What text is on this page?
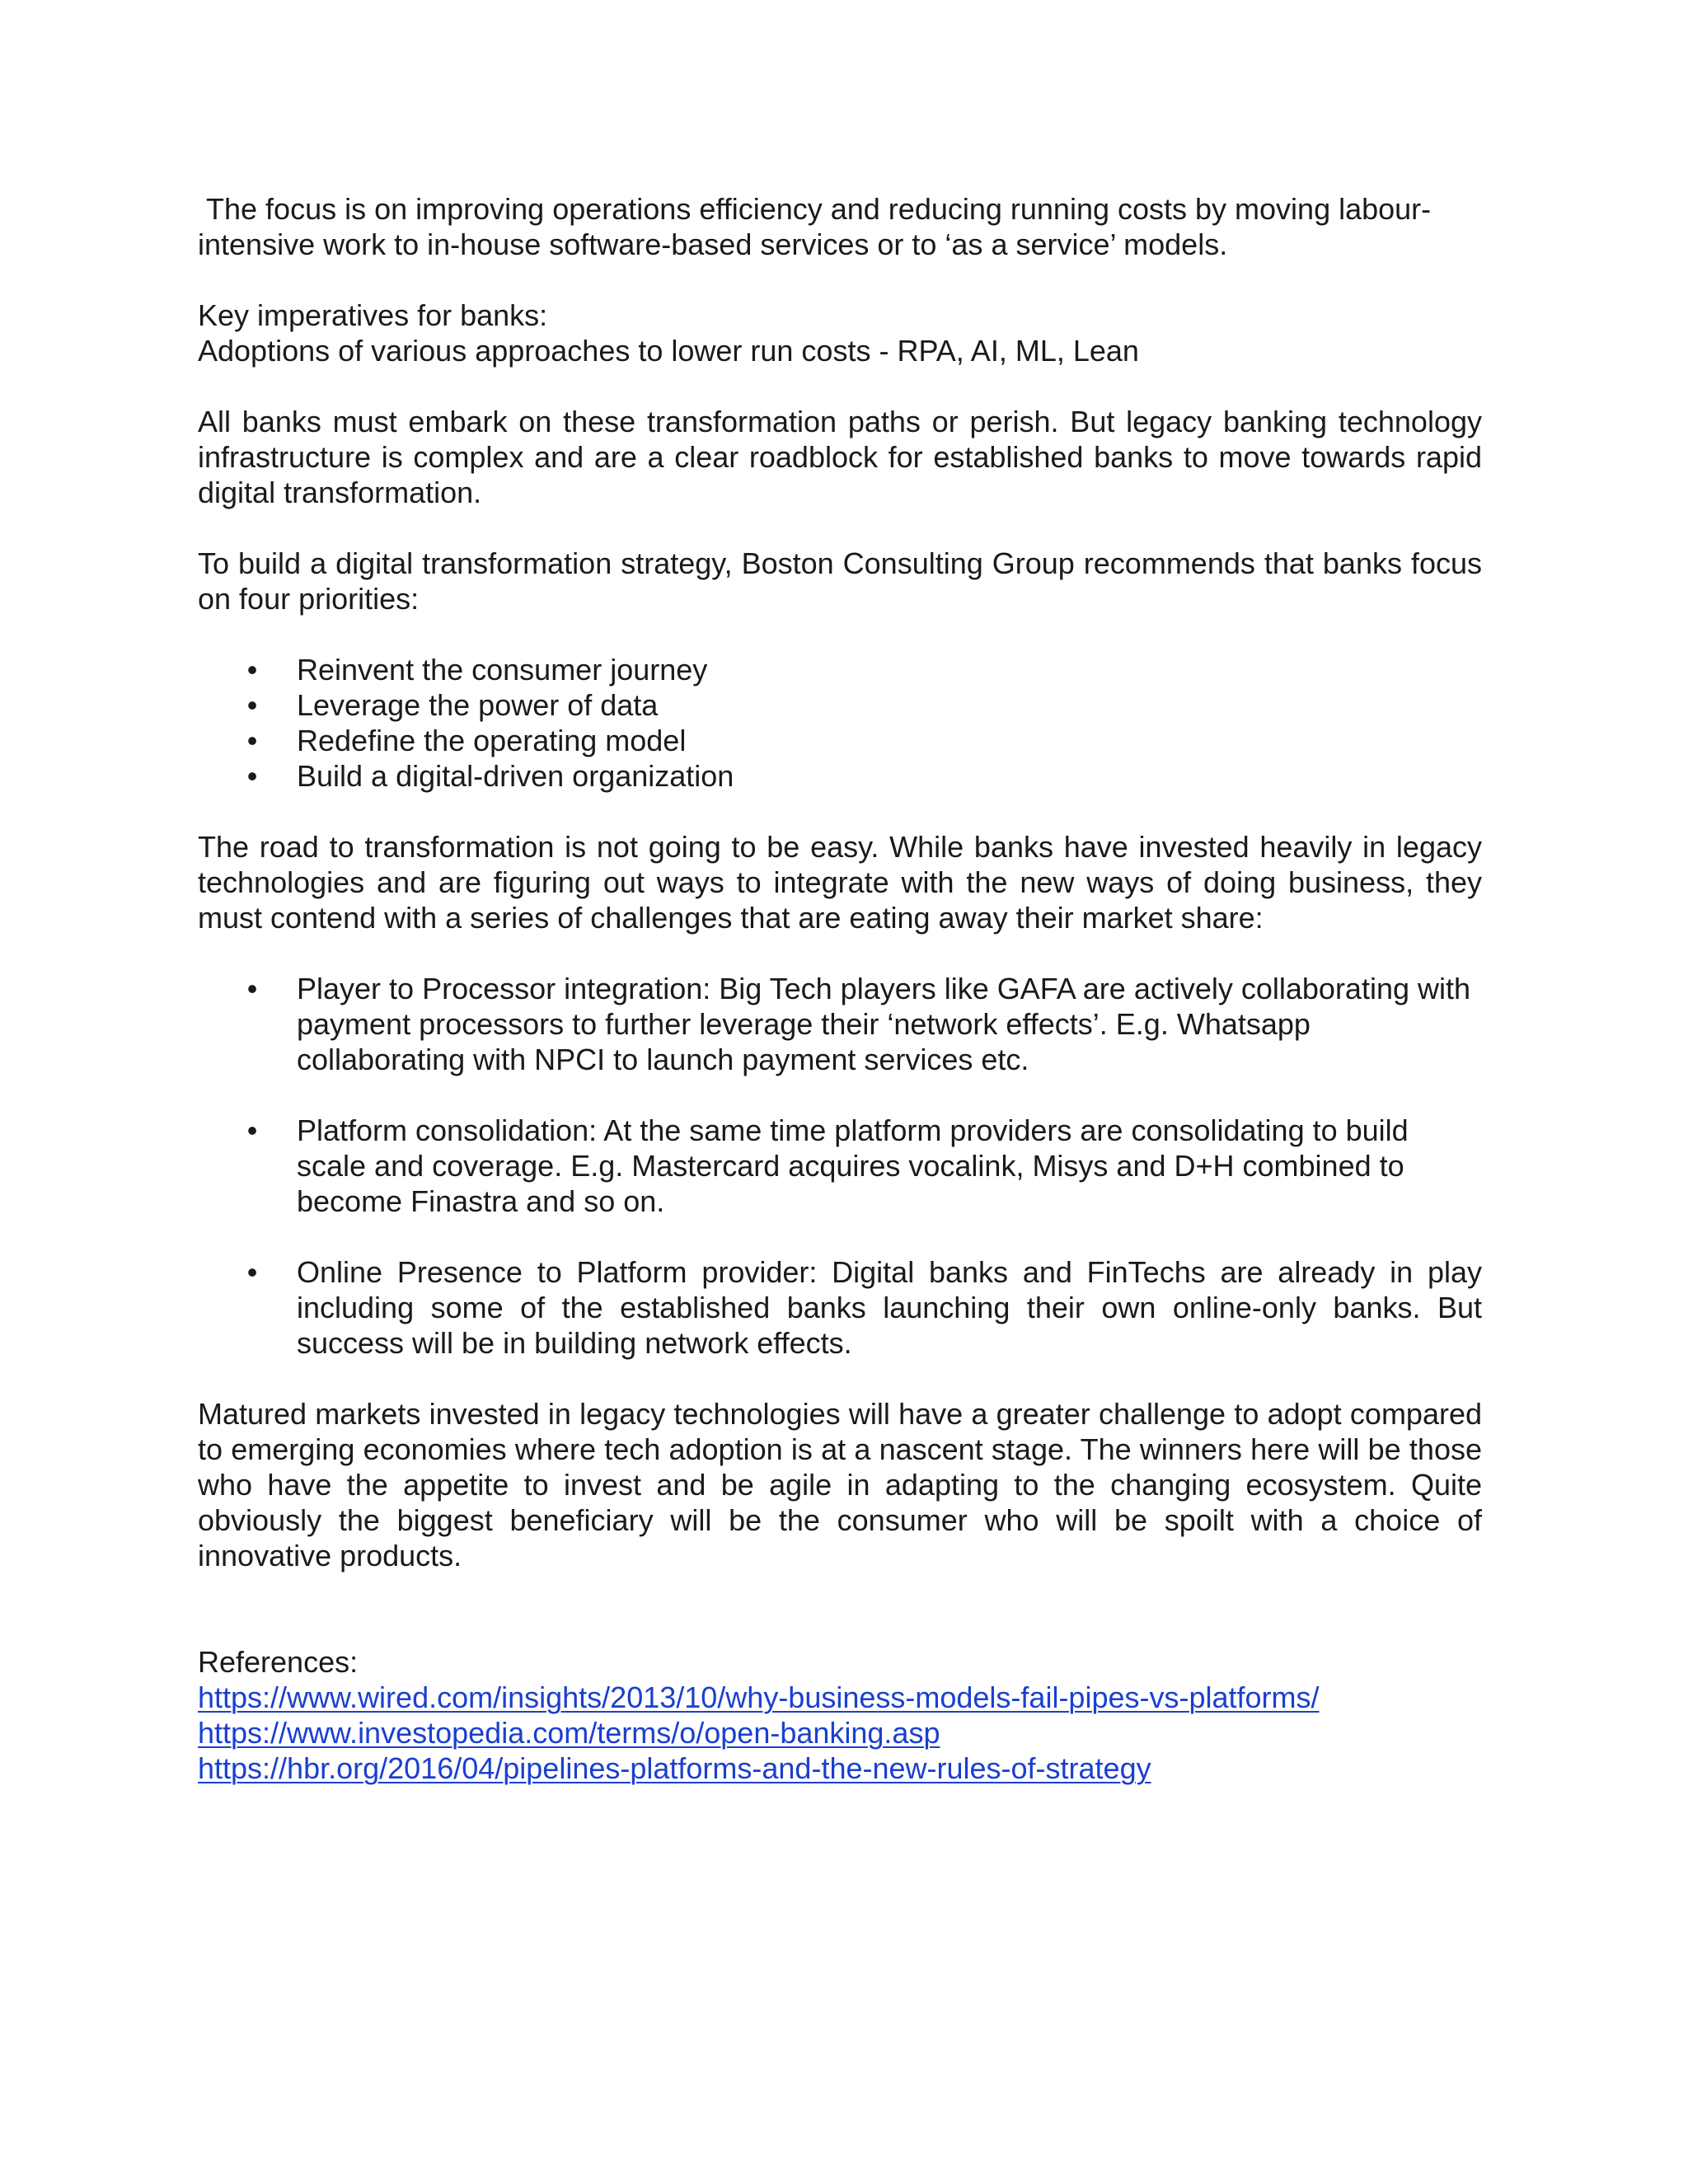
The focus is on improving operations efficiency and reducing running costs by moving labour-intensive work to in-house software-based services or to ‘as a service’ models.

Key imperatives for banks:

Adoptions of various approaches to lower run costs - RPA, AI, ML, Lean

All banks must embark on these transformation paths or perish. But legacy banking technology infrastructure is complex and are a clear roadblock for established banks to move towards rapid digital transformation.

To build a digital transformation strategy, Boston Consulting Group recommends that banks focus on four priorities:

• Reinvent the consumer journey
• Leverage the power of data
• Redefine the operating model
• Build a digital-driven organization

The road to transformation is not going to be easy. While banks have invested heavily in legacy technologies and are figuring out ways to integrate with the new ways of doing business, they must contend with a series of challenges that are eating away their market share:

• Player to Processor integration: Big Tech players like GAFA are actively collaborating with payment processors to further leverage their ‘network effects’. E.g. Whatsapp collaborating with NPCI to launch payment services etc.
• Platform consolidation: At the same time platform providers are consolidating to build scale and coverage. E.g. Mastercard acquires vocalink, Misys and D+H combined to become Finastra and so on.
• Online Presence to Platform provider: Digital banks and FinTechs are already in play including some of the established banks launching their own online-only banks. But success will be in building network effects.

Matured markets invested in legacy technologies will have a greater challenge to adopt compared to emerging economies where tech adoption is at a nascent stage. The winners here will be those who have the appetite to invest and be agile in adapting to the changing ecosystem. Quite obviously the biggest beneficiary will be the consumer who will be spoilt with a choice of innovative products.

References:

https://www.wired.com/insights/2013/10/why-business-models-fail-pipes-vs-platforms/
https://www.investopedia.com/terms/o/open-banking.asp
https://hbr.org/2016/04/pipelines-platforms-and-the-new-rules-of-strategy
